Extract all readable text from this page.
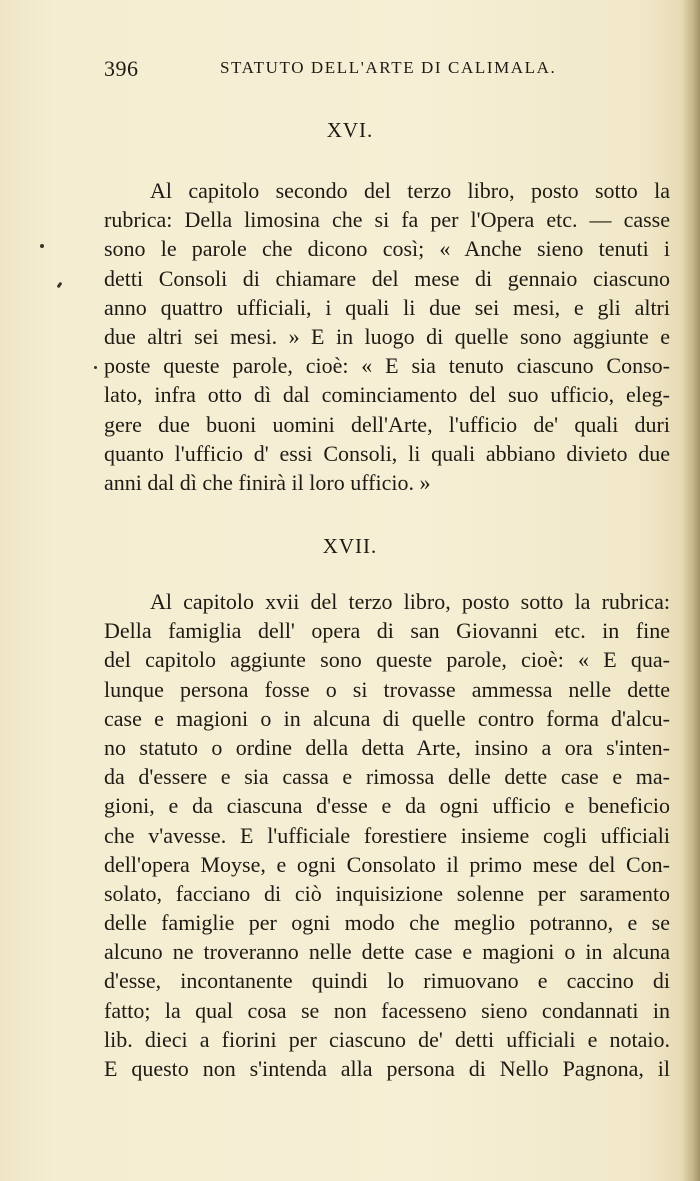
396	STATUTO DELL'ARTE DI CALIMALA.
XVI.
Al capitolo secondo del terzo libro, posto sotto la
rubrica: Della limosina che si fa per l'Opera etc. — casse
sono le parole che dicono così; « Anche sieno tenuti i
detti Consoli di chiamare del mese di gennaio ciascuno
anno quattro ufficiali, i quali li due sei mesi, e gli altri
due altri sei mesi. » E in luogo di quelle sono aggiunte e
poste queste parole, cioè: « E sia tenuto ciascuno Conso-
lato, infra otto dì dal cominciamento del suo ufficio, eleg-
gere due buoni uomini dell'Arte, l'ufficio de' quali duri
quanto l'ufficio d' essi Consoli, li quali abbiano divieto due
anni dal dì che finirà il loro ufficio. »
XVII.
Al capitolo xvii del terzo libro, posto sotto la rubrica:
Della famiglia dell' opera di san Giovanni etc. in fine
del capitolo aggiunte sono queste parole, cioè: « E qua-
lunque persona fosse o si trovasse ammessa nelle dette
case e magioni o in alcuna di quelle contro forma d'alcu-
no statuto o ordine della detta Arte, insino a ora s'inten-
da d'essere e sia cassa e rimossa delle dette case e ma-
gioni, e da ciascuna d'esse e da ogni ufficio e beneficio
che v'avesse. E l'ufficiale forestiere insieme cogli ufficiali
dell'opera Moyse, e ogni Consolato il primo mese del Con-
solato, facciano di ciò inquisizione solenne per saramento
delle famiglie per ogni modo che meglio potranno, e se
alcuno ne troveranno nelle dette case e magioni o in alcuna
d'esse, incontanente quindi lo rimuovano e caccino di
fatto; la qual cosa se non facesseno sieno condannati in
lib. dieci a fiorini per ciascuno de' detti ufficiali e notaio.
E questo non s'intenda alla persona di Nello Pagnona, il
